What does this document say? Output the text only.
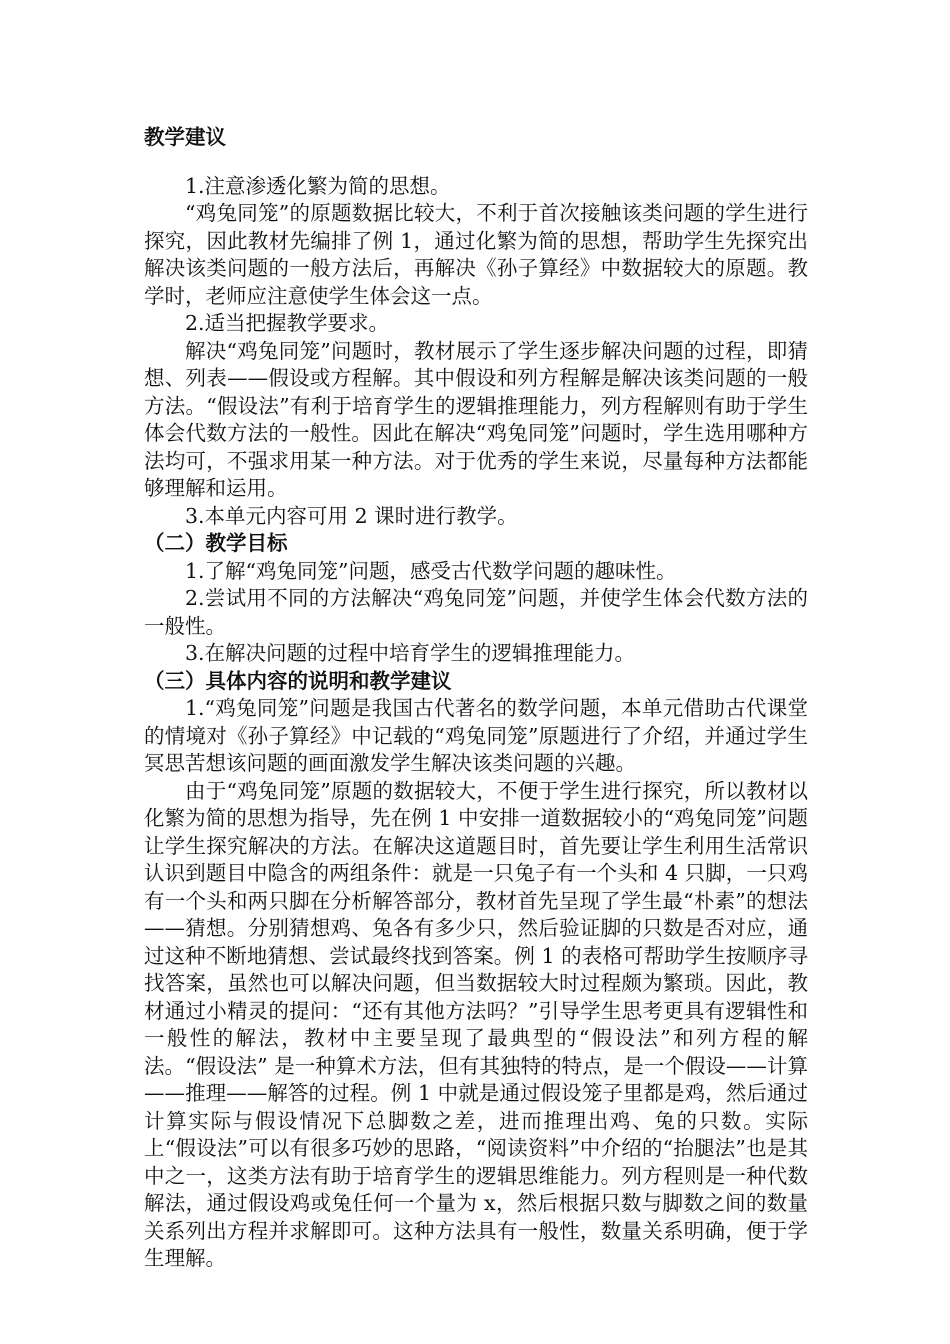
教学建议

1.注意渗透化繁为简的思想。

“鸡兔同笼”的原题数据比较大，不利于首次接触该类问题的学生进行探究，因此教材先编排了例 1，通过化繁为简的思想，帮助学生先探究出解决该类问题的一般方法后，再解决《孙子算经》中数据较大的原题。教学时，老师应注意使学生体会这一点。

2.适当把握教学要求。

解决“鸡兔同笼”问题时，教材展示了学生逐步解决问题的过程，即猜想、列表——假设或方程解。其中假设和列方程解是解决该类问题的一般方法。“假设法”有利于培育学生的逻辑推理能力，列方程解则有助于学生体会代数方法的一般性。因此在解决“鸡兔同笼”问题时，学生选用哪种方法均可，不强求用某一种方法。对于优秀的学生来说，尽量每种方法都能够理解和运用。

3.本单元内容可用 2 课时进行教学。

（二）教学目标

1.了解“鸡兔同笼”问题，感受古代数学问题的趣味性。

2.尝试用不同的方法解决“鸡兔同笼”问题，并使学生体会代数方法的一般性。

3.在解决问题的过程中培育学生的逻辑推理能力。

（三）具体内容的说明和教学建议

1.“鸡兔同笼”问题是我国古代著名的数学问题，本单元借助古代课堂的情境对《孙子算经》中记载的“鸡兔同笼”原题进行了介绍，并通过学生冥思苦想该问题的画面激发学生解决该类问题的兴趣。

由于“鸡兔同笼”原题的数据较大，不便于学生进行探究，所以教材以化繁为简的思想为指导，先在例 1 中安排一道数据较小的“鸡兔同笼”问题让学生探究解决的方法。在解决这道题目时，首先要让学生利用生活常识认识到题目中隐含的两组条件：就是一只兔子有一个头和 4 只脚，一只鸡有一个头和两只脚在分析解答部分，教材首先呈现了学生最“朴素”的想法——猜想。分别猜想鸡、兔各有多少只，然后验证脚的只数是否对应，通过这种不断地猜想、尝试最终找到答案。例 1 的表格可帮助学生按顺序寻找答案，虽然也可以解决问题，但当数据较大时过程颇为繁琐。因此，教材通过小精灵的提问：“还有其他方法吗？”引导学生思考更具有逻辑性和一般性的解法，教材中主要呈现了最典型的“假设法”和列方程的解法。“假设法” 是一种算术方法，但有其独特的特点，是一个假设——计算——推理——解答的过程。例 1 中就是通过假设笼子里都是鸡，然后通过计算实际与假设情况下总脚数之差，进而推理出鸡、兔的只数。实际上“假设法”可以有很多巧妙的思路，“阅读资料”中介绍的“抬腿法”也是其中之一，这类方法有助于培育学生的逻辑思维能力。列方程则是一种代数解法，通过假设鸡或兔任何一个量为 x，然后根据只数与脚数之间的数量关系列出方程并求解即可。这种方法具有一般性，数量关系明确，便于学生理解。
